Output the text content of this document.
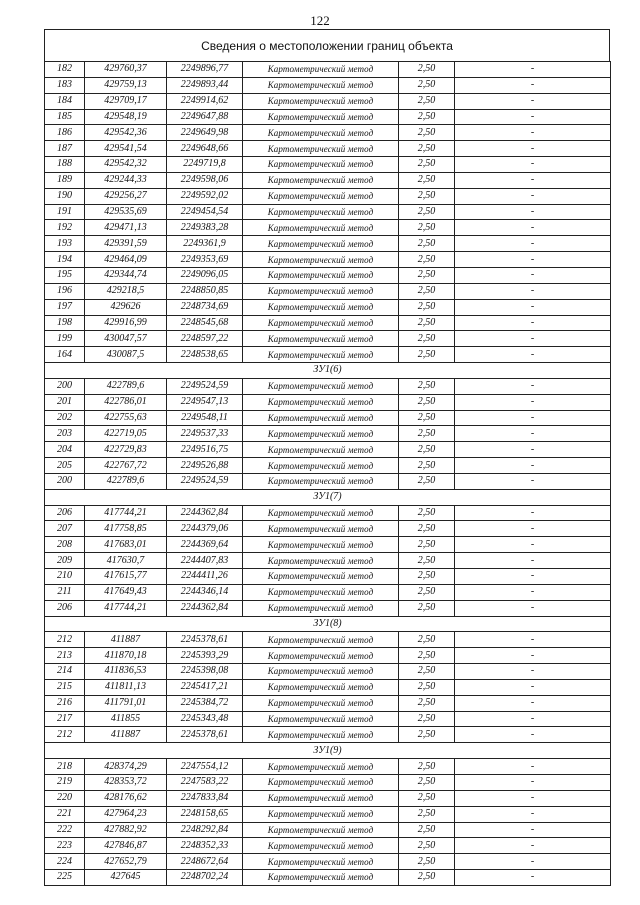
122
Сведения о местоположении границ объекта
182	429760,37	2249896,77	Картометрический метод	2,50	-
183	429759,13	2249893,44	Картометрический метод	2,50	-
184	429709,17	2249914,62	Картометрический метод	2,50	-
185	429548,19	2249647,88	Картометрический метод	2,50	-
186	429542,36	2249649,98	Картометрический метод	2,50	-
187	429541,54	2249648,66	Картометрический метод	2,50	-
188	429542,32	2249719,8	Картометрический метод	2,50	-
189	429244,33	2249598,06	Картометрический метод	2,50	-
190	429256,27	2249592,02	Картометрический метод	2,50	-
191	429535,69	2249454,54	Картометрический метод	2,50	-
192	429471,13	2249383,28	Картометрический метод	2,50	-
193	429391,59	2249361,9	Картометрический метод	2,50	-
194	429464,09	2249353,69	Картометрический метод	2,50	-
195	429344,74	2249096,05	Картометрический метод	2,50	-
196	429218,5	2248850,85	Картометрический метод	2,50	-
197	429626	2248734,69	Картометрический метод	2,50	-
198	429916,99	2248545,68	Картометрический метод	2,50	-
199	430047,57	2248597,22	Картометрический метод	2,50	-
164	430087,5	2248538,65	Картометрический метод	2,50	-
ЗУ1(6)					
200	422789,6	2249524,59	Картометрический метод	2,50	-
201	422786,01	2249547,13	Картометрический метод	2,50	-
202	422755,63	2249548,11	Картометрический метод	2,50	-
203	422719,05	2249537,33	Картометрический метод	2,50	-
204	422729,83	2249516,75	Картометрический метод	2,50	-
205	422767,72	2249526,88	Картометрический метод	2,50	-
200	422789,6	2249524,59	Картометрический метод	2,50	-
ЗУ1(7)					
206	417744,21	2244362,84	Картометрический метод	2,50	-
207	417758,85	2244379,06	Картометрический метод	2,50	-
208	417683,01	2244369,64	Картометрический метод	2,50	-
209	417630,7	2244407,83	Картометрический метод	2,50	-
210	417615,77	2244411,26	Картометрический метод	2,50	-
211	417649,43	2244346,14	Картометрический метод	2,50	-
206	417744,21	2244362,84	Картометрический метод	2,50	-
ЗУ1(8)					
212	411887	2245378,61	Картометрический метод	2,50	-
213	411870,18	2245393,29	Картометрический метод	2,50	-
214	411836,53	2245398,08	Картометрический метод	2,50	-
215	411811,13	2245417,21	Картометрический метод	2,50	-
216	411791,01	2245384,72	Картометрический метод	2,50	-
217	411855	2245343,48	Картометрический метод	2,50	-
212	411887	2245378,61	Картометрический метод	2,50	-
ЗУ1(9)					
218	428374,29	2247554,12	Картометрический метод	2,50	-
219	428353,72	2247583,22	Картометрический метод	2,50	-
220	428176,62	2247833,84	Картометрический метод	2,50	-
221	427964,23	2248158,65	Картометрический метод	2,50	-
222	427882,92	2248292,84	Картометрический метод	2,50	-
223	427846,87	2248352,33	Картометрический метод	2,50	-
224	427652,79	2248672,64	Картометрический метод	2,50	-
225	427645	2248702,24	Картометрический метод	2,50	-
